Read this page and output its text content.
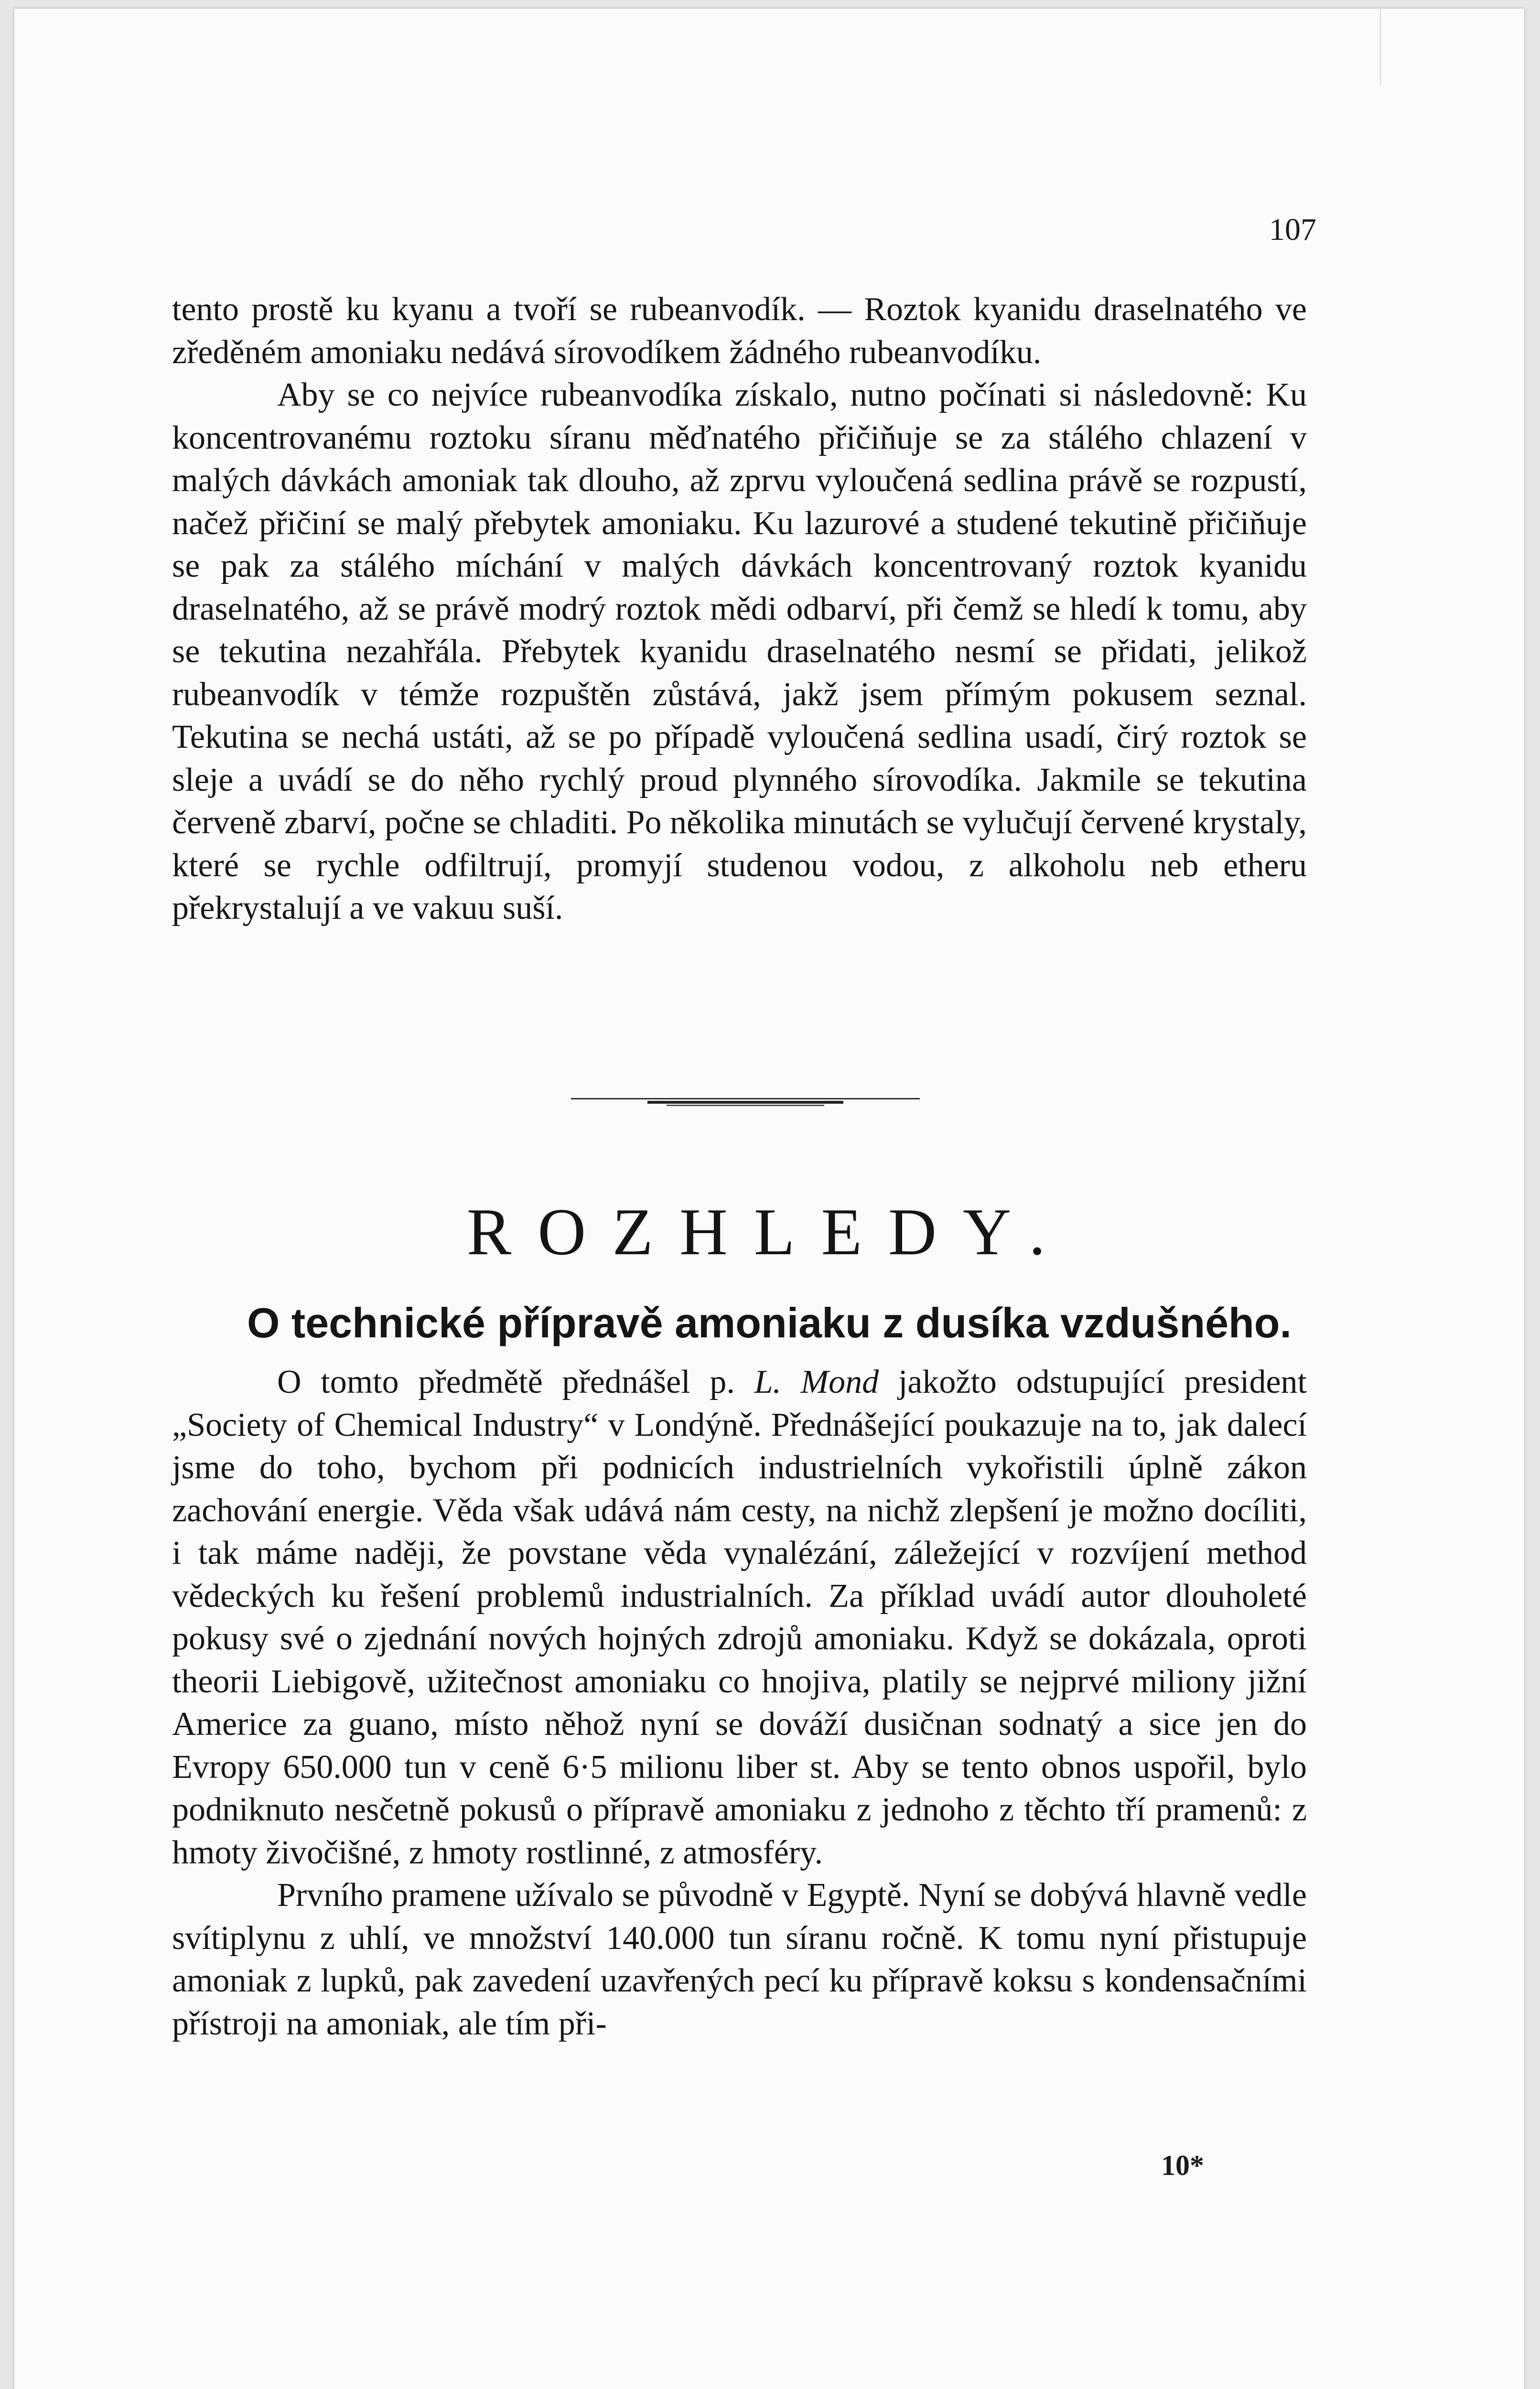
107

tento prostě ku kyanu a tvoří se rubeanvodík. — Roztok kyanidu draselnatého ve zředěném amoniaku nedává sírovodíkem žádného rubeanvodíku.

Aby se co nejvíce rubeanvodíka získalo, nutno počínati si následovně: Ku koncentrovanému roztoku síranu měďnatého přičiňuje se za stálého chlazení v malých dávkách amoniak tak dlouho, až zprvu vyloučená sedlina právě se rozpustí, načež přičiní se malý přebytek amoniaku. Ku lazurové a studené tekutině přičiňuje se pak za stálého míchání v malých dávkách koncentrovaný roztok kyanidu draselnatého, až se právě modrý roztok mědi odbarví, při čemž se hledí k tomu, aby se tekutina nezahřála. Přebytek kyanidu draselnatého nesmí se přidati, jelikož rubeanvodík v témže rozpuštěn zůstává, jakž jsem přímým pokusem seznal. Tekutina se nechá ustáti, až se po případě vyloučená sedlina usadí, čirý roztok se sleje a uvádí se do něho rychlý proud plynného sírovodíka. Jakmile se tekutina červeně zbarví, počne se chladiti. Po několika minutách se vylučují červené krystaly, které se rychle odfiltrují, promyjí studenou vodou, z alkoholu neb etheru překrystalují a ve vakuu suší.

ROZHLEDY.
O technické přípravě amoniaku z dusíka vzdušného.

O tomto předmětě přednášel p. L. Mond jakožto odstupující president „Society of Chemical Industry“ v Londýně. Přednášející poukazuje na to, jak dalecí jsme do toho, bychom při podnicích industrielních vykořistili úplně zákon zachování energie. Věda však udává nám cesty, na nichž zlepšení je možno docíliti, i tak máme naději, že povstane věda vynalézání, záležející v rozvíjení method vědeckých ku řešení problemů industrialních. Za příklad uvádí autor dlouholeté pokusy své o zjednání nových hojných zdrojů amoniaku. Když se dokázala, oproti theorii Liebigově, užitečnost amoniaku co hnojiva, platily se nejprvé miliony jižní Americe za guano, místo něhož nyní se dováží dusičnan sodnatý a sice jen do Evropy 650.000 tun v ceně 6·5 milionu liber st. Aby se tento obnos uspořil, bylo podniknuto nesčetně pokusů o přípravě amoniaku z jednoho z těchto tří pramenů: z hmoty živočišné, z hmoty rostlinné, z atmosféry.

Prvního pramene užívalo se původně v Egyptě. Nyní se dobývá hlavně vedle svítiplynu z uhlí, ve množství 140.000 tun síranu ročně. K tomu nyní přistupuje amoniak z lupků, pak zavedení uzavřených pecí ku přípravě koksu s kondensačními přístroji na amoniak, ale tím při-

10*
